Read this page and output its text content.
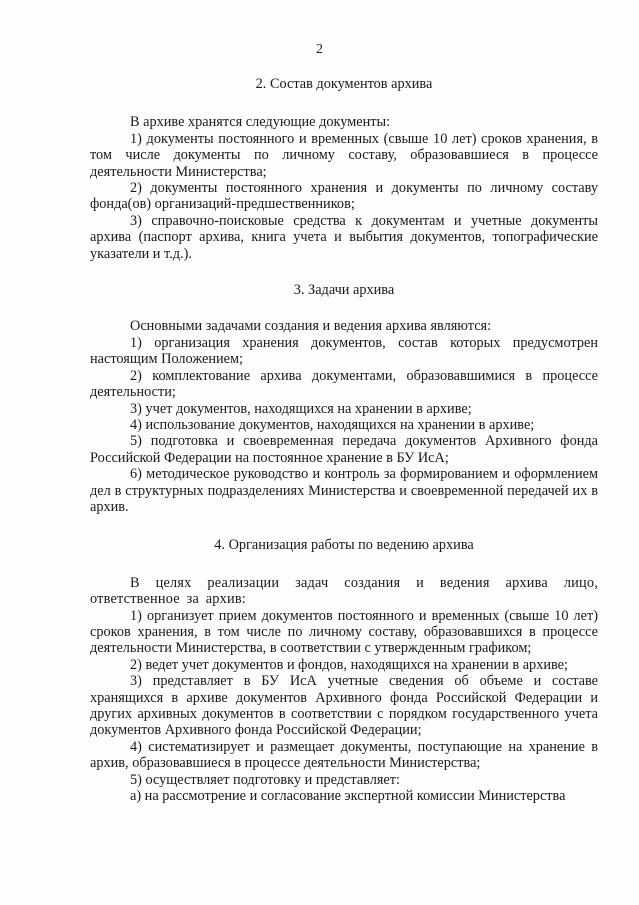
2
2. Состав документов архива

В архиве хранятся следующие документы:

1) документы постоянного и временных (свыше 10 лет) сроков хранения, в том числе документы по личному составу, образовавшиеся в процессе деятельности Министерства;

2) документы постоянного хранения и документы по личному составу фонда(ов) организаций-предшественников;

3) справочно-поисковые средства к документам и учетные документы архива (паспорт архива, книга учета и выбытия документов, топографические указатели и т.д.).

3. Задачи архива

Основными задачами создания и ведения архива являются:

1) организация хранения документов, состав которых предусмотрен настоящим Положением;

2) комплектование архива документами, образовавшимися в процессе деятельности;

3) учет документов, находящихся на хранении в архиве;

4) использование документов, находящихся на хранении в архиве;

5) подготовка и своевременная передача документов Архивного фонда Российской Федерации на постоянное хранение в БУ ИсА;

6) методическое руководство и контроль за формированием и оформлением дел в структурных подразделениях Министерства и своевременной передачей их в архив.

4. Организация работы по ведению архива

В целях реализации задач создания и ведения архива лицо, ответственное за архив:

1) организует прием документов постоянного и временных (свыше 10 лет) сроков хранения, в том числе по личному составу, образовавшихся в процессе деятельности Министерства, в соответствии с утвержденным графиком;

2) ведет учет документов и фондов, находящихся на хранении в архиве;

3) представляет в БУ ИсА учетные сведения об объеме и составе хранящихся в архиве документов Архивного фонда Российской Федерации и других архивных документов в соответствии с порядком государственного учета документов Архивного фонда Российской Федерации;

4) систематизирует и размещает документы, поступающие на хранение в архив, образовавшиеся в процессе деятельности Министерства;

5) осуществляет подготовку и представляет:

а) на рассмотрение и согласование экспертной комиссии Министерства
